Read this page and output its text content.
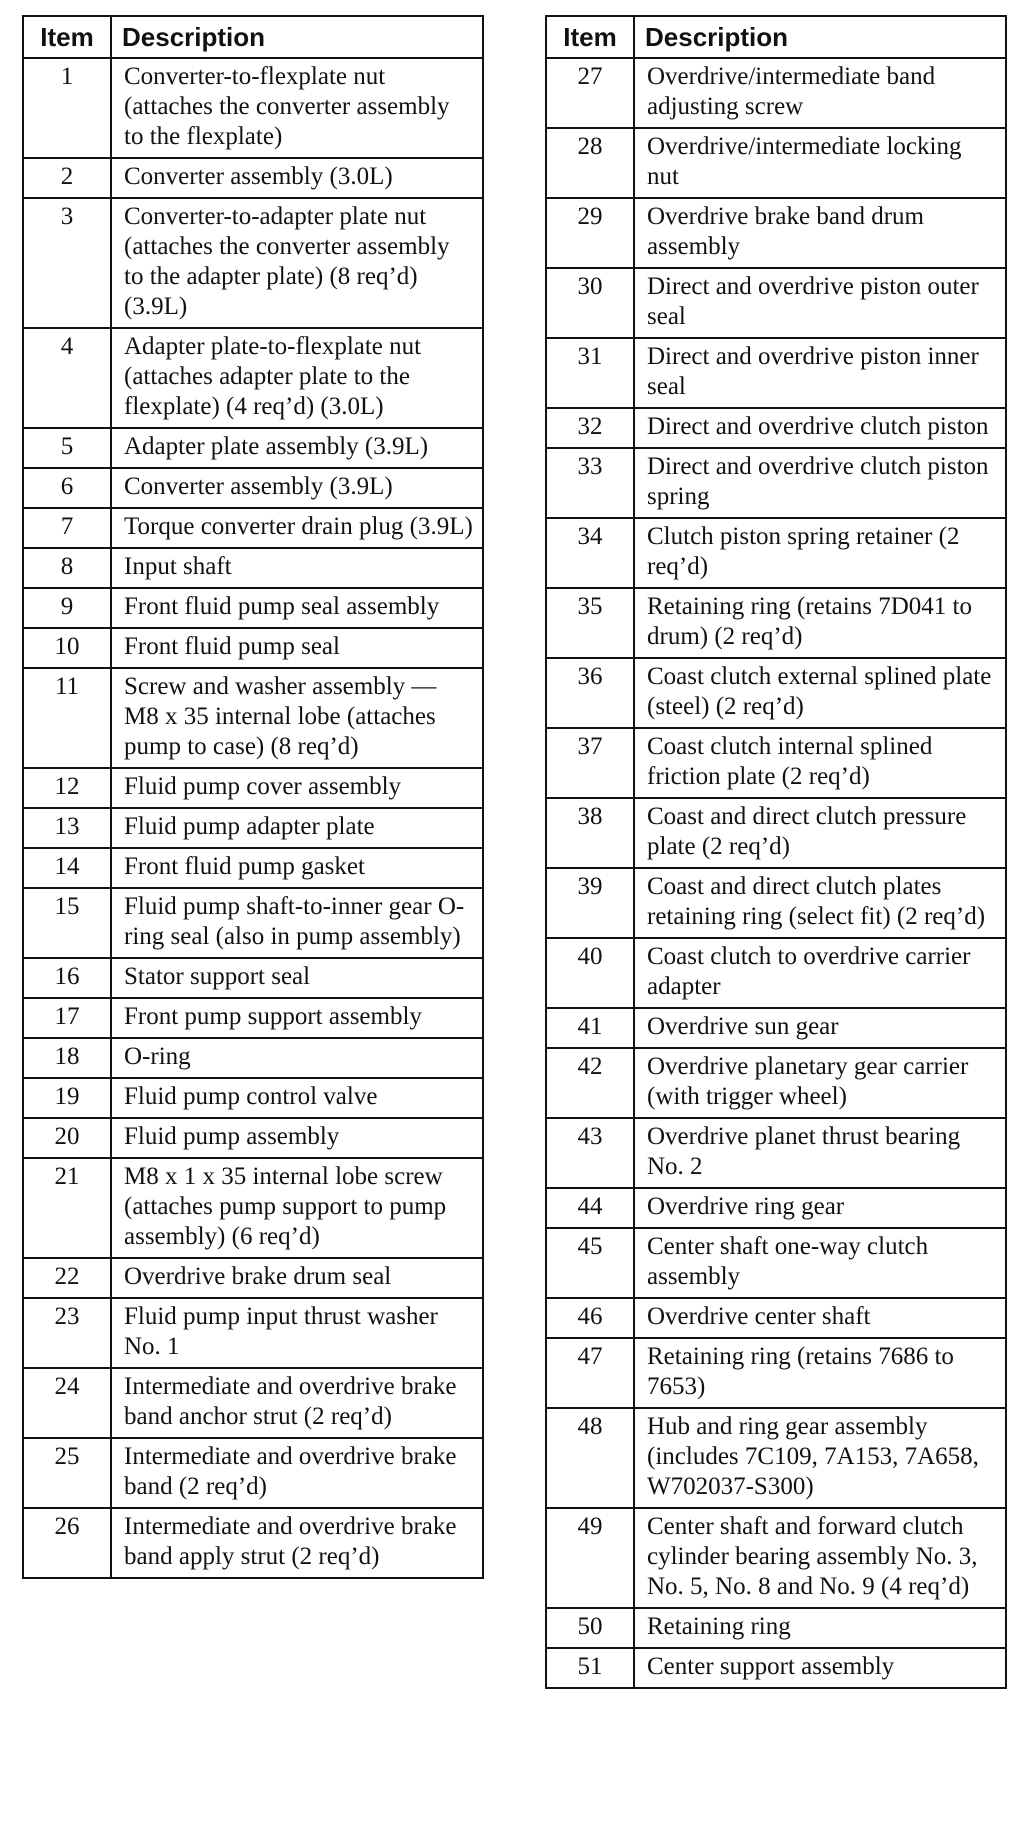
Item	Description
1	Converter-to-flexplate nut (attaches the converter assembly to the flexplate)
2	Converter assembly (3.0L)
3	Converter-to-adapter plate nut (attaches the converter assembly to the adapter plate) (8 req’d) (3.9L)
4	Adapter plate-to-flexplate nut (attaches adapter plate to the flexplate) (4 req’d) (3.0L)
5	Adapter plate assembly (3.9L)
6	Converter assembly (3.9L)
7	Torque converter drain plug (3.9L)
8	Input shaft
9	Front fluid pump seal assembly
10	Front fluid pump seal
11	Screw and washer assembly — M8 x 35 internal lobe (attaches pump to case) (8 req’d)
12	Fluid pump cover assembly
13	Fluid pump adapter plate
14	Front fluid pump gasket
15	Fluid pump shaft-to-inner gear O-ring seal (also in pump assembly)
16	Stator support seal
17	Front pump support assembly
18	O-ring
19	Fluid pump control valve
20	Fluid pump assembly
21	M8 x 1 x 35 internal lobe screw (attaches pump support to pump assembly) (6 req’d)
22	Overdrive brake drum seal
23	Fluid pump input thrust washer No. 1
24	Intermediate and overdrive brake band anchor strut (2 req’d)
25	Intermediate and overdrive brake band (2 req’d)
26	Intermediate and overdrive brake band apply strut (2 req’d)
Item	Description
27	Overdrive/intermediate band adjusting screw
28	Overdrive/intermediate locking nut
29	Overdrive brake band drum assembly
30	Direct and overdrive piston outer seal
31	Direct and overdrive piston inner seal
32	Direct and overdrive clutch piston
33	Direct and overdrive clutch piston spring
34	Clutch piston spring retainer (2 req’d)
35	Retaining ring (retains 7D041 to drum) (2 req’d)
36	Coast clutch external splined plate (steel) (2 req’d)
37	Coast clutch internal splined friction plate (2 req’d)
38	Coast and direct clutch pressure plate (2 req’d)
39	Coast and direct clutch plates retaining ring (select fit) (2 req’d)
40	Coast clutch to overdrive carrier adapter
41	Overdrive sun gear
42	Overdrive planetary gear carrier (with trigger wheel)
43	Overdrive planet thrust bearing No. 2
44	Overdrive ring gear
45	Center shaft one-way clutch assembly
46	Overdrive center shaft
47	Retaining ring (retains 7686 to 7653)
48	Hub and ring gear assembly (includes 7C109, 7A153, 7A658, W702037-S300)
49	Center shaft and forward clutch cylinder bearing assembly No. 3, No. 5, No. 8 and No. 9 (4 req’d)
50	Retaining ring
51	Center support assembly
